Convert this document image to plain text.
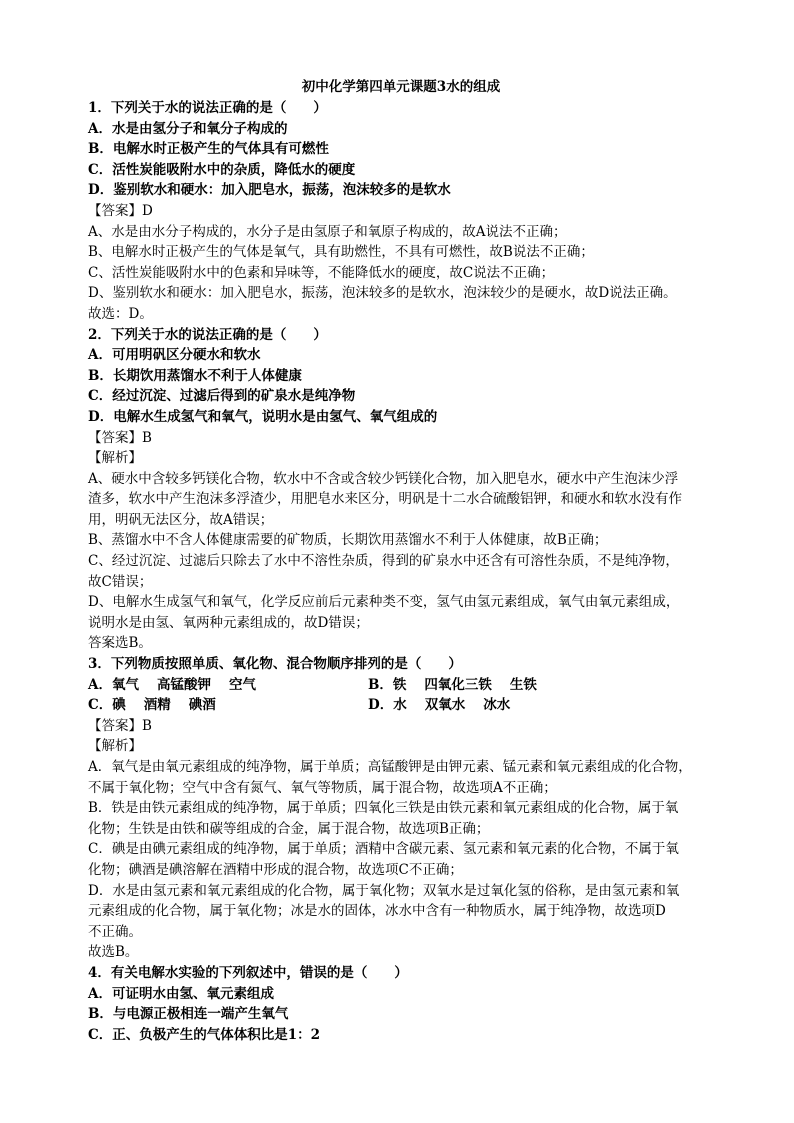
初中化学第四单元课题3水的组成
1．下列关于水的说法正确的是（　　）
A．水是由氢分子和氧分子构成的
B．电解水时正极产生的气体具有可燃性
C．活性炭能吸附水中的杂质，降低水的硬度
D．鉴别软水和硬水：加入肥皂水，振荡，泡沫较多的是软水
【答案】D
A、水是由水分子构成的，水分子是由氢原子和氧原子构成的，故A说法不正确；
B、电解水时正极产生的气体是氧气，具有助燃性，不具有可燃性，故B说法不正确；
C、活性炭能吸附水中的色素和异味等，不能降低水的硬度，故C说法不正确；
D、鉴别软水和硬水：加入肥皂水，振荡，泡沫较多的是软水，泡沫较少的是硬水，故D说法正确。
故选：D。
2．下列关于水的说法正确的是（　　）
A．可用明矾区分硬水和软水
B．长期饮用蒸馏水不利于人体健康
C．经过沉淀、过滤后得到的矿泉水是纯净物
D．电解水生成氢气和氧气，说明水是由氢气、氧气组成的
【答案】B
【解析】
A、硬水中含较多钙镁化合物，软水中不含或含较少钙镁化合物，加入肥皂水，硬水中产生泡沫少浮
渣多，软水中产生泡沫多浮渣少，用肥皂水来区分，明矾是十二水合硫酸铝钾，和硬水和软水没有作
用，明矾无法区分，故A错误；
B、蒸馏水中不含人体健康需要的矿物质，长期饮用蒸馏水不利于人体健康，故B正确；
C、经过沉淀、过滤后只除去了水中不溶性杂质，得到的矿泉水中还含有可溶性杂质，不是纯净物，
故C错误；
D、电解水生成氢气和氧气，化学反应前后元素种类不变，氢气由氢元素组成，氧气由氧元素组成，
说明水是由氢、氧两种元素组成的，故D错误；
答案选B。
3．下列物质按照单质、氧化物、混合物顺序排列的是（　　）
A．氧气 高锰酸钾 空气	B．铁 四氧化三铁 生铁
C．碘 酒精 碘酒	D．水 双氧水 冰水
【答案】B
【解析】
A．氧气是由氧元素组成的纯净物，属于单质；高锰酸钾是由钾元素、锰元素和氧元素组成的化合物，
不属于氧化物；空气中含有氮气、氧气等物质，属于混合物，故选项A不正确；
B．铁是由铁元素组成的纯净物，属于单质；四氧化三铁是由铁元素和氧元素组成的化合物，属于氧
化物；生铁是由铁和碳等组成的合金，属于混合物，故选项B正确；
C．碘是由碘元素组成的纯净物，属于单质；酒精中含碳元素、氢元素和氧元素的化合物，不属于氧
化物；碘酒是碘溶解在酒精中形成的混合物，故选项C不正确；
D．水是由氢元素和氧元素组成的化合物，属于氧化物；双氧水是过氧化氢的俗称，是由氢元素和氧
元素组成的化合物，属于氧化物；冰是水的固体，冰水中含有一种物质水，属于纯净物，故选项D
不正确。
故选B。
4．有关电解水实验的下列叙述中，错误的是（　　）
A．可证明水由氢、氧元素组成
B．与电源正极相连一端产生氧气
C．正、负极产生的气体体积比是1：2
